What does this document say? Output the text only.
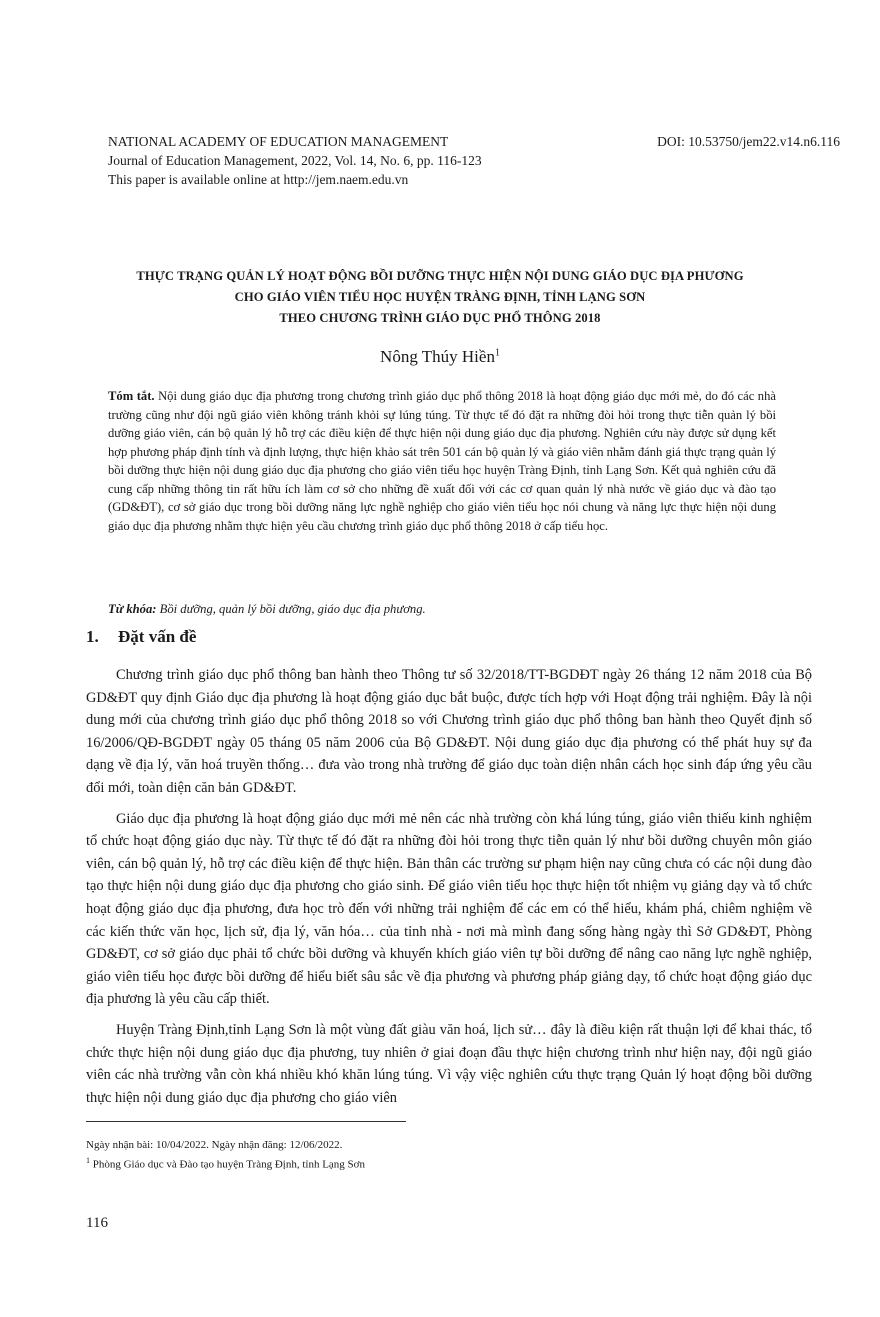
NATIONAL ACADEMY OF EDUCATION MANAGEMENT	DOI: 10.53750/jem22.v14.n6.116
Journal of Education Management, 2022, Vol. 14, No. 6, pp. 116-123
This paper is available online at http://jem.naem.edu.vn
THỰC TRẠNG QUẢN LÝ HOẠT ĐỘNG BỒI DƯỠNG THỰC HIỆN NỘI DUNG GIÁO DỤC ĐỊA PHƯƠNG
CHO GIÁO VIÊN TIỂU HỌC HUYỆN TRÀNG ĐỊNH, TỈNH LẠNG SƠN
THEO CHƯƠNG TRÌNH GIÁO DỤC PHỔ THÔNG 2018
Nông Thúy Hiền$^1$

Tóm tắt. Nội dung giáo dục địa phương trong chương trình giáo dục phổ thông 2018 là hoạt động giáo dục mới mẻ, do đó các nhà trường cũng như đội ngũ giáo viên không tránh khỏi sự lúng túng. Từ thực tế đó đặt ra những đòi hỏi trong thực tiễn quản lý bồi dưỡng giáo viên, cán bộ quản lý hỗ trợ các điều kiện để thực hiện nội dung giáo dục địa phương. Nghiên cứu này được sử dụng kết hợp phương pháp định tính và định lượng, thực hiện khảo sát trên 501 cán bộ quản lý và giáo viên nhằm đánh giá thực trạng quản lý bồi dưỡng thực hiện nội dung giáo dục địa phương cho giáo viên tiểu học huyện Tràng Định, tỉnh Lạng Sơn. Kết quả nghiên cứu đã cung cấp những thông tin rất hữu ích làm cơ sở cho những đề xuất đối với các cơ quan quản lý nhà nước về giáo dục và đào tạo (GD&ĐT), cơ sở giáo dục trong bồi dưỡng năng lực nghề nghiệp cho giáo viên tiểu học nói chung và năng lực thực hiện nội dung giáo dục địa phương nhằm thực hiện yêu cầu chương trình giáo dục phổ thông 2018 ở cấp tiểu học.

Từ khóa: Bồi dưỡng, quản lý bồi dưỡng, giáo dục địa phương.

1. Đặt vấn đề

Chương trình giáo dục phổ thông ban hành theo Thông tư số 32/2018/TT-BGDĐT ngày 26 tháng 12 năm 2018 của Bộ GD&ĐT quy định Giáo dục địa phương là hoạt động giáo dục bắt buộc, được tích hợp với Hoạt động trải nghiệm. Đây là nội dung mới của chương trình giáo dục phổ thông 2018 so với Chương trình giáo dục phổ thông ban hành theo Quyết định số 16/2006/QĐ-BGDĐT ngày 05 tháng 05 năm 2006 của Bộ GD&ĐT. Nội dung giáo dục địa phương có thể phát huy sự đa dạng về địa lý, văn hoá truyền thống… đưa vào trong nhà trường để giáo dục toàn diện nhân cách học sinh đáp ứng yêu cầu đổi mới, toàn diện căn bản GD&ĐT.

Giáo dục địa phương là hoạt động giáo dục mới mẻ nên các nhà trường còn khá lúng túng, giáo viên thiếu kinh nghiệm tổ chức hoạt động giáo dục này. Từ thực tế đó đặt ra những đòi hỏi trong thực tiễn quản lý như bồi dưỡng chuyên môn giáo viên, cán bộ quản lý, hỗ trợ các điều kiện để thực hiện. Bản thân các trường sư phạm hiện nay cũng chưa có các nội dung đào tạo thực hiện nội dung giáo dục địa phương cho giáo sinh. Để giáo viên tiểu học thực hiện tốt nhiệm vụ giảng dạy và tổ chức hoạt động giáo dục địa phương, đưa học trò đến với những trải nghiệm để các em có thể hiểu, khám phá, chiêm nghiệm về các kiến thức văn học, lịch sử, địa lý, văn hóa… của tỉnh nhà - nơi mà mình đang sống hàng ngày thì Sở GD&ĐT, Phòng GD&ĐT, cơ sở giáo dục phải tổ chức bồi dưỡng và khuyến khích giáo viên tự bồi dưỡng để nâng cao năng lực nghề nghiệp, giáo viên tiểu học được bồi dưỡng để hiểu biết sâu sắc về địa phương và phương pháp giảng dạy, tổ chức hoạt động giáo dục địa phương là yêu cầu cấp thiết.

Huyện Tràng Định,tỉnh Lạng Sơn là một vùng đất giàu văn hoá, lịch sử… đây là điều kiện rất thuận lợi để khai thác, tổ chức thực hiện nội dung giáo dục địa phương, tuy nhiên ở giai đoạn đầu thực hiện chương trình như hiện nay, đội ngũ giáo viên các nhà trường vẫn còn khá nhiều khó khăn lúng túng. Vì vậy việc nghiên cứu thực trạng Quản lý hoạt động bồi dưỡng thực hiện nội dung giáo dục địa phương cho giáo viên

Ngày nhận bài: 10/04/2022. Ngày nhận đăng: 12/06/2022.
$^1$ Phòng Giáo dục và Đào tạo huyện Tràng Định, tỉnh Lạng Sơn
116
